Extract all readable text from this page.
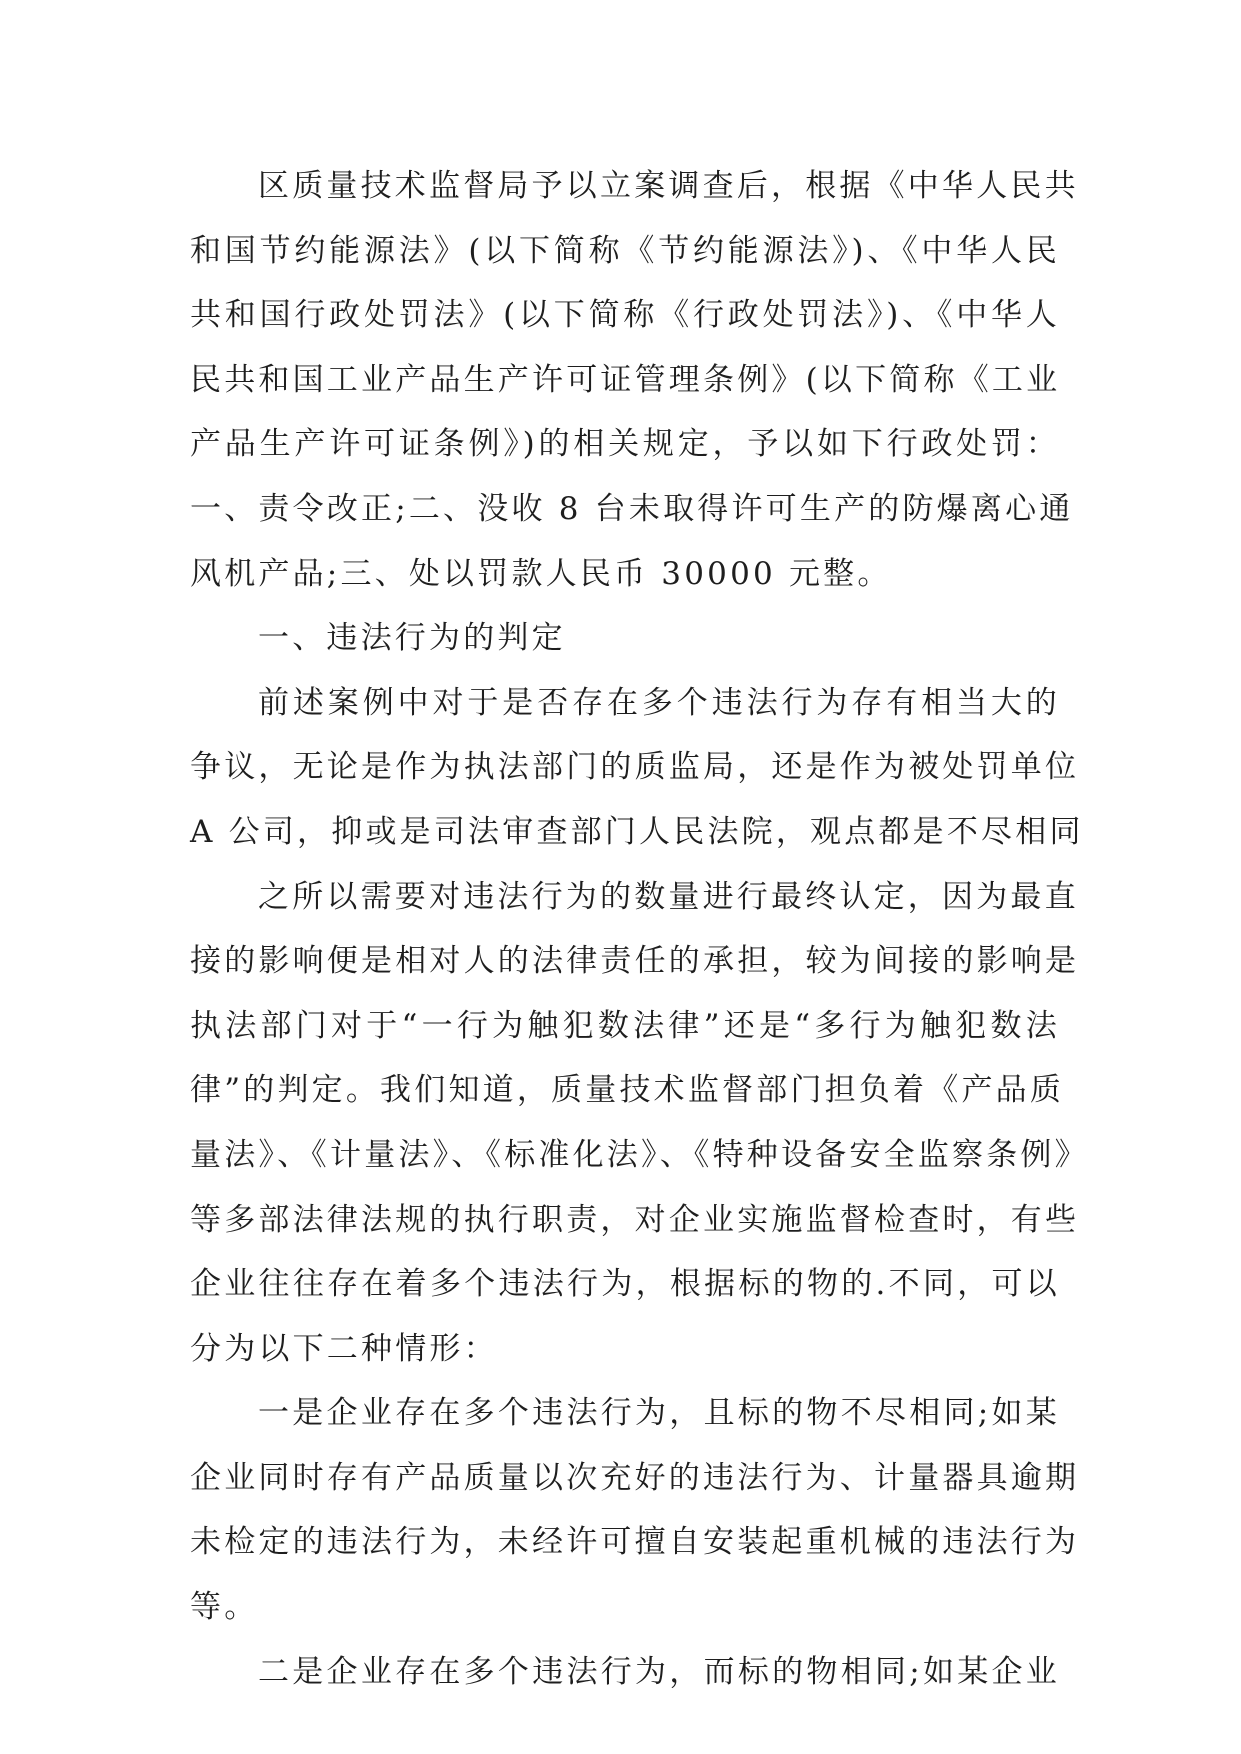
区质量技术监督局予以立案调查后，根据《中华人民共
和国节约能源法》(以下简称《节约能源法》)、《中华人民
共和国行政处罚法》(以下简称《行政处罚法》)、《中华人
民共和国工业产品生产许可证管理条例》(以下简称《工业
产品生产许可证条例》)的相关规定，予以如下行政处罚：
一、责令改正;二、没收 8 台未取得许可生产的防爆离心通
风机产品;三、处以罚款人民币 30000 元整。
一、违法行为的判定
前述案例中对于是否存在多个违法行为存有相当大的
争议，无论是作为执法部门的质监局，还是作为被处罚单位
A 公司，抑或是司法审查部门人民法院，观点都是不尽相同
之所以需要对违法行为的数量进行最终认定，因为最直
接的影响便是相对人的法律责任的承担，较为间接的影响是
执法部门对于“一行为触犯数法律”还是“多行为触犯数法
律”的判定。我们知道，质量技术监督部门担负着《产品质
量法》、《计量法》、《标准化法》、《特种设备安全监察条例》
等多部法律法规的执行职责，对企业实施监督检查时，有些
企业往往存在着多个违法行为，根据标的物的.不同，可以
分为以下二种情形：
一是企业存在多个违法行为，且标的物不尽相同;如某
企业同时存有产品质量以次充好的违法行为、计量器具逾期
未检定的违法行为，未经许可擅自安装起重机械的违法行为
等。
二是企业存在多个违法行为，而标的物相同;如某企业
